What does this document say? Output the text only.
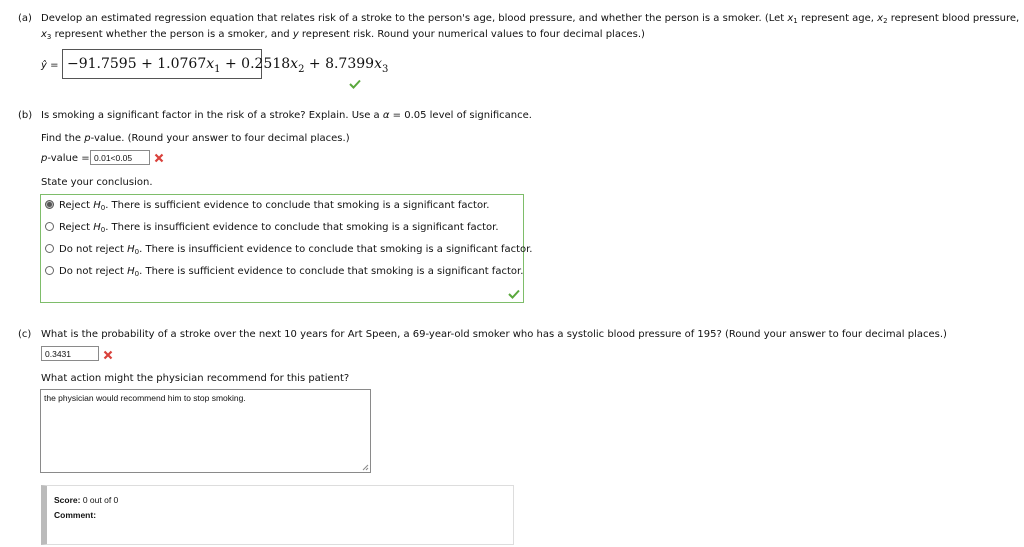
(a) Develop an estimated regression equation that relates risk of a stroke to the person's age, blood pressure, and whether the person is a smoker. (Let $x_1$ represent age, $x_2$ represent blood pressure,
$x_3$ represent whether the person is a smoker, and y represent risk. Round your numerical values to four decimal places.)
ŷ = $-91.7595 + 1.0767x_1 + 0.2518x_2 + 8.7399x_3$
(b) Is smoking a significant factor in the risk of a stroke? Explain. Use a α = 0.05 level of significance.
Find the p-value. (Round your answer to four decimal places.)
p-value = 0.01<0.05
State your conclusion.
Reject $H_0$. There is sufficient evidence to conclude that smoking is a significant factor.
Reject $H_0$. There is insufficient evidence to conclude that smoking is a significant factor.
Do not reject $H_0$. There is insufficient evidence to conclude that smoking is a significant factor.
Do not reject $H_0$. There is sufficient evidence to conclude that smoking is a significant factor.
(c) What is the probability of a stroke over the next 10 years for Art Speen, a 69-year-old smoker who has a systolic blood pressure of 195? (Round your answer to four decimal places.)
0.3431
What action might the physician recommend for this patient?
the physician would recommend him to stop smoking.
Score: 0 out of 0
Comment:
